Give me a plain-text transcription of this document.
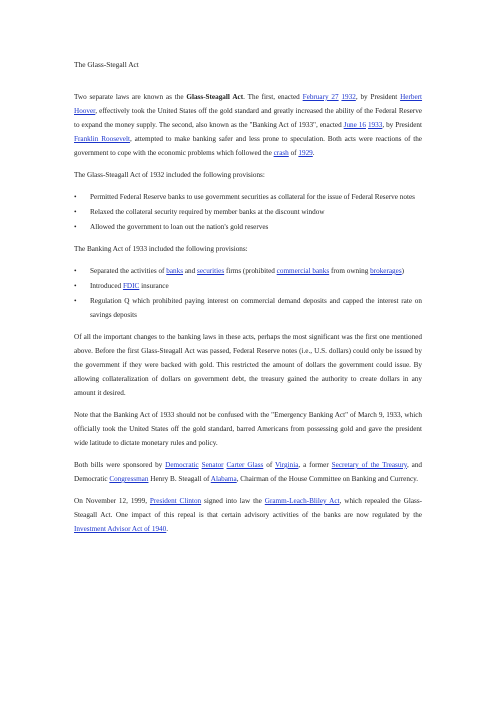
The Glass-Stegall Act

Two separate laws are known as the Glass-Steagall Act. The first, enacted February 27 1932, by President Herbert Hoover, effectively took the United States off the gold standard and greatly increased the ability of the Federal Reserve to expand the money supply. The second, also known as the "Banking Act of 1933", enacted June 16 1933, by President Franklin Roosevelt, attempted to make banking safer and less prone to speculation. Both acts were reactions of the government to cope with the economic problems which followed the crash of 1929.

The Glass-Steagall Act of 1932 included the following provisions:

• Permitted Federal Reserve banks to use government securities as collateral for the issue of Federal Reserve notes
• Relaxed the collateral security required by member banks at the discount window
• Allowed the government to loan out the nation's gold reserves

The Banking Act of 1933 included the following provisions:

• Separated the activities of banks and securities firms (prohibited commercial banks from owning brokerages)
• Introduced FDIC insurance
• Regulation Q which prohibited paying interest on commercial demand deposits and capped the interest rate on savings deposits

Of all the important changes to the banking laws in these acts, perhaps the most significant was the first one mentioned above. Before the first Glass-Steagall Act was passed, Federal Reserve notes (i.e., U.S. dollars) could only be issued by the government if they were backed with gold. This restricted the amount of dollars the government could issue. By allowing collateralization of dollars on government debt, the treasury gained the authority to create dollars in any amount it desired.

Note that the Banking Act of 1933 should not be confused with the "Emergency Banking Act" of March 9, 1933, which officially took the United States off the gold standard, barred Americans from possessing gold and gave the president wide latitude to dictate monetary rules and policy.

Both bills were sponsored by Democratic Senator Carter Glass of Virginia, a former Secretary of the Treasury, and Democratic Congressman Henry B. Steagall of Alabama, Chairman of the House Committee on Banking and Currency.

On November 12, 1999, President Clinton signed into law the Gramm-Leach-Bliley Act, which repealed the Glass-Steagall Act. One impact of this repeal is that certain advisory activities of the banks are now regulated by the Investment Advisor Act of 1940.
